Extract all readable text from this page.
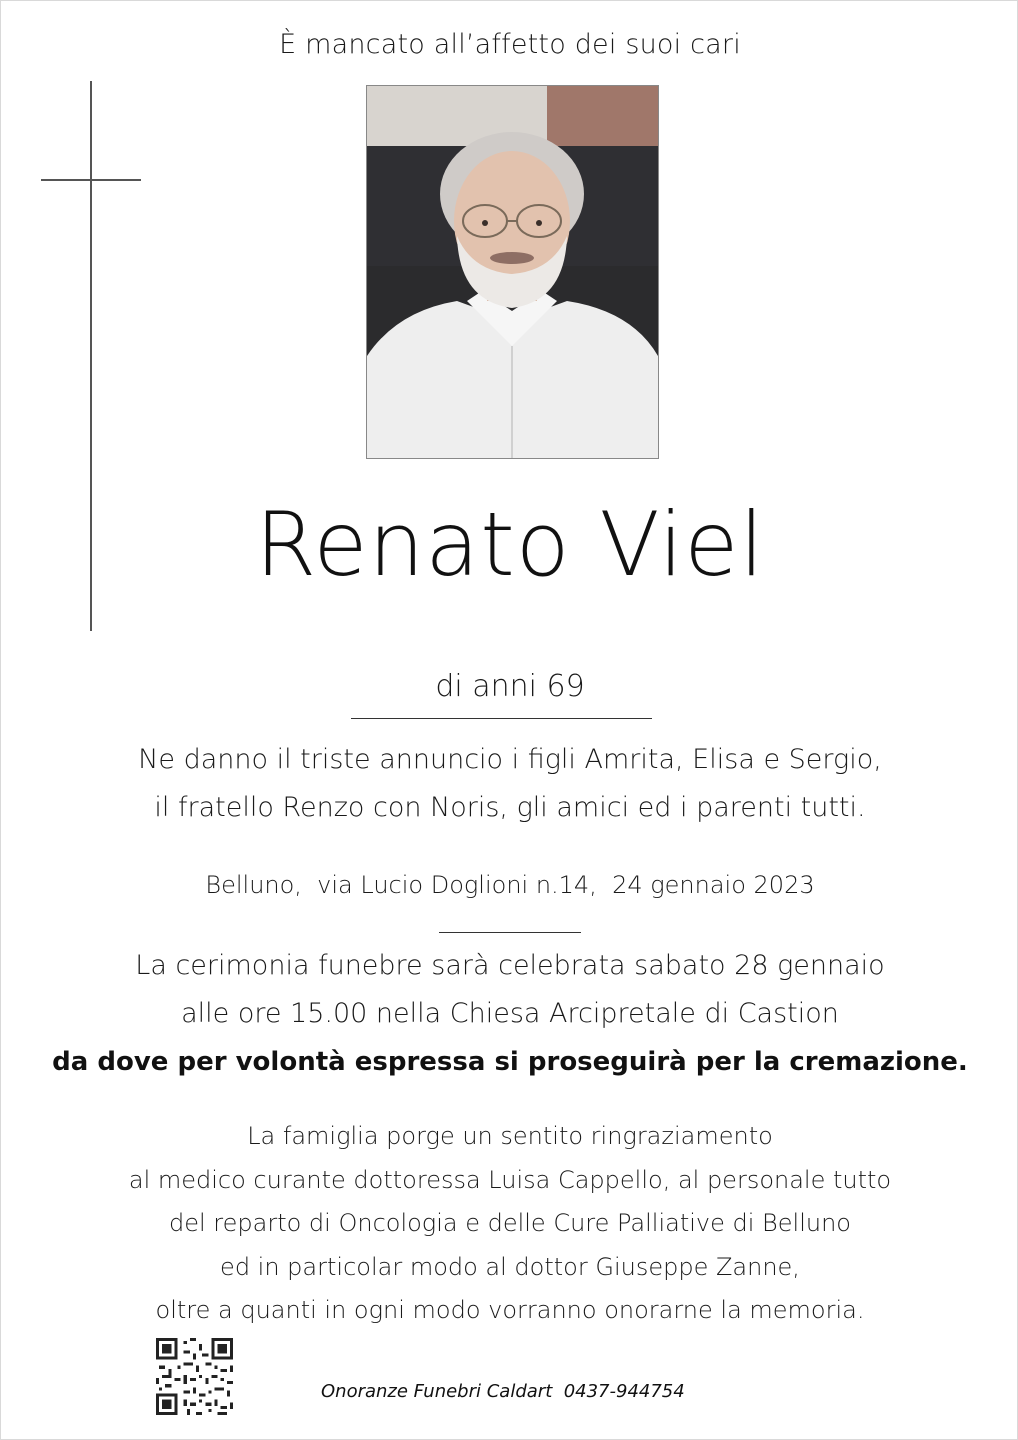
È mancato all’affetto dei suoi cari
Renato Viel
di anni 69
Ne danno il triste annuncio i figli Amrita, Elisa e Sergio,
il fratello Renzo con Noris, gli amici ed i parenti tutti.
Belluno,  via Lucio Doglioni n.14,  24 gennaio 2023
La cerimonia funebre sarà celebrata sabato 28 gennaio
alle ore 15.00 nella Chiesa Arcipretale di Castion
da dove per volontà espressa si proseguirà per la cremazione.
La famiglia porge un sentito ringraziamento
al medico curante dottoressa Luisa Cappello, al personale tutto
del reparto di Oncologia e delle Cure Palliative di Belluno
ed in particolar modo al dottor Giuseppe Zanne,
oltre a quanti in ogni modo vorranno onorarne la memoria.
Onoranze Funebri Caldart  0437-944754
